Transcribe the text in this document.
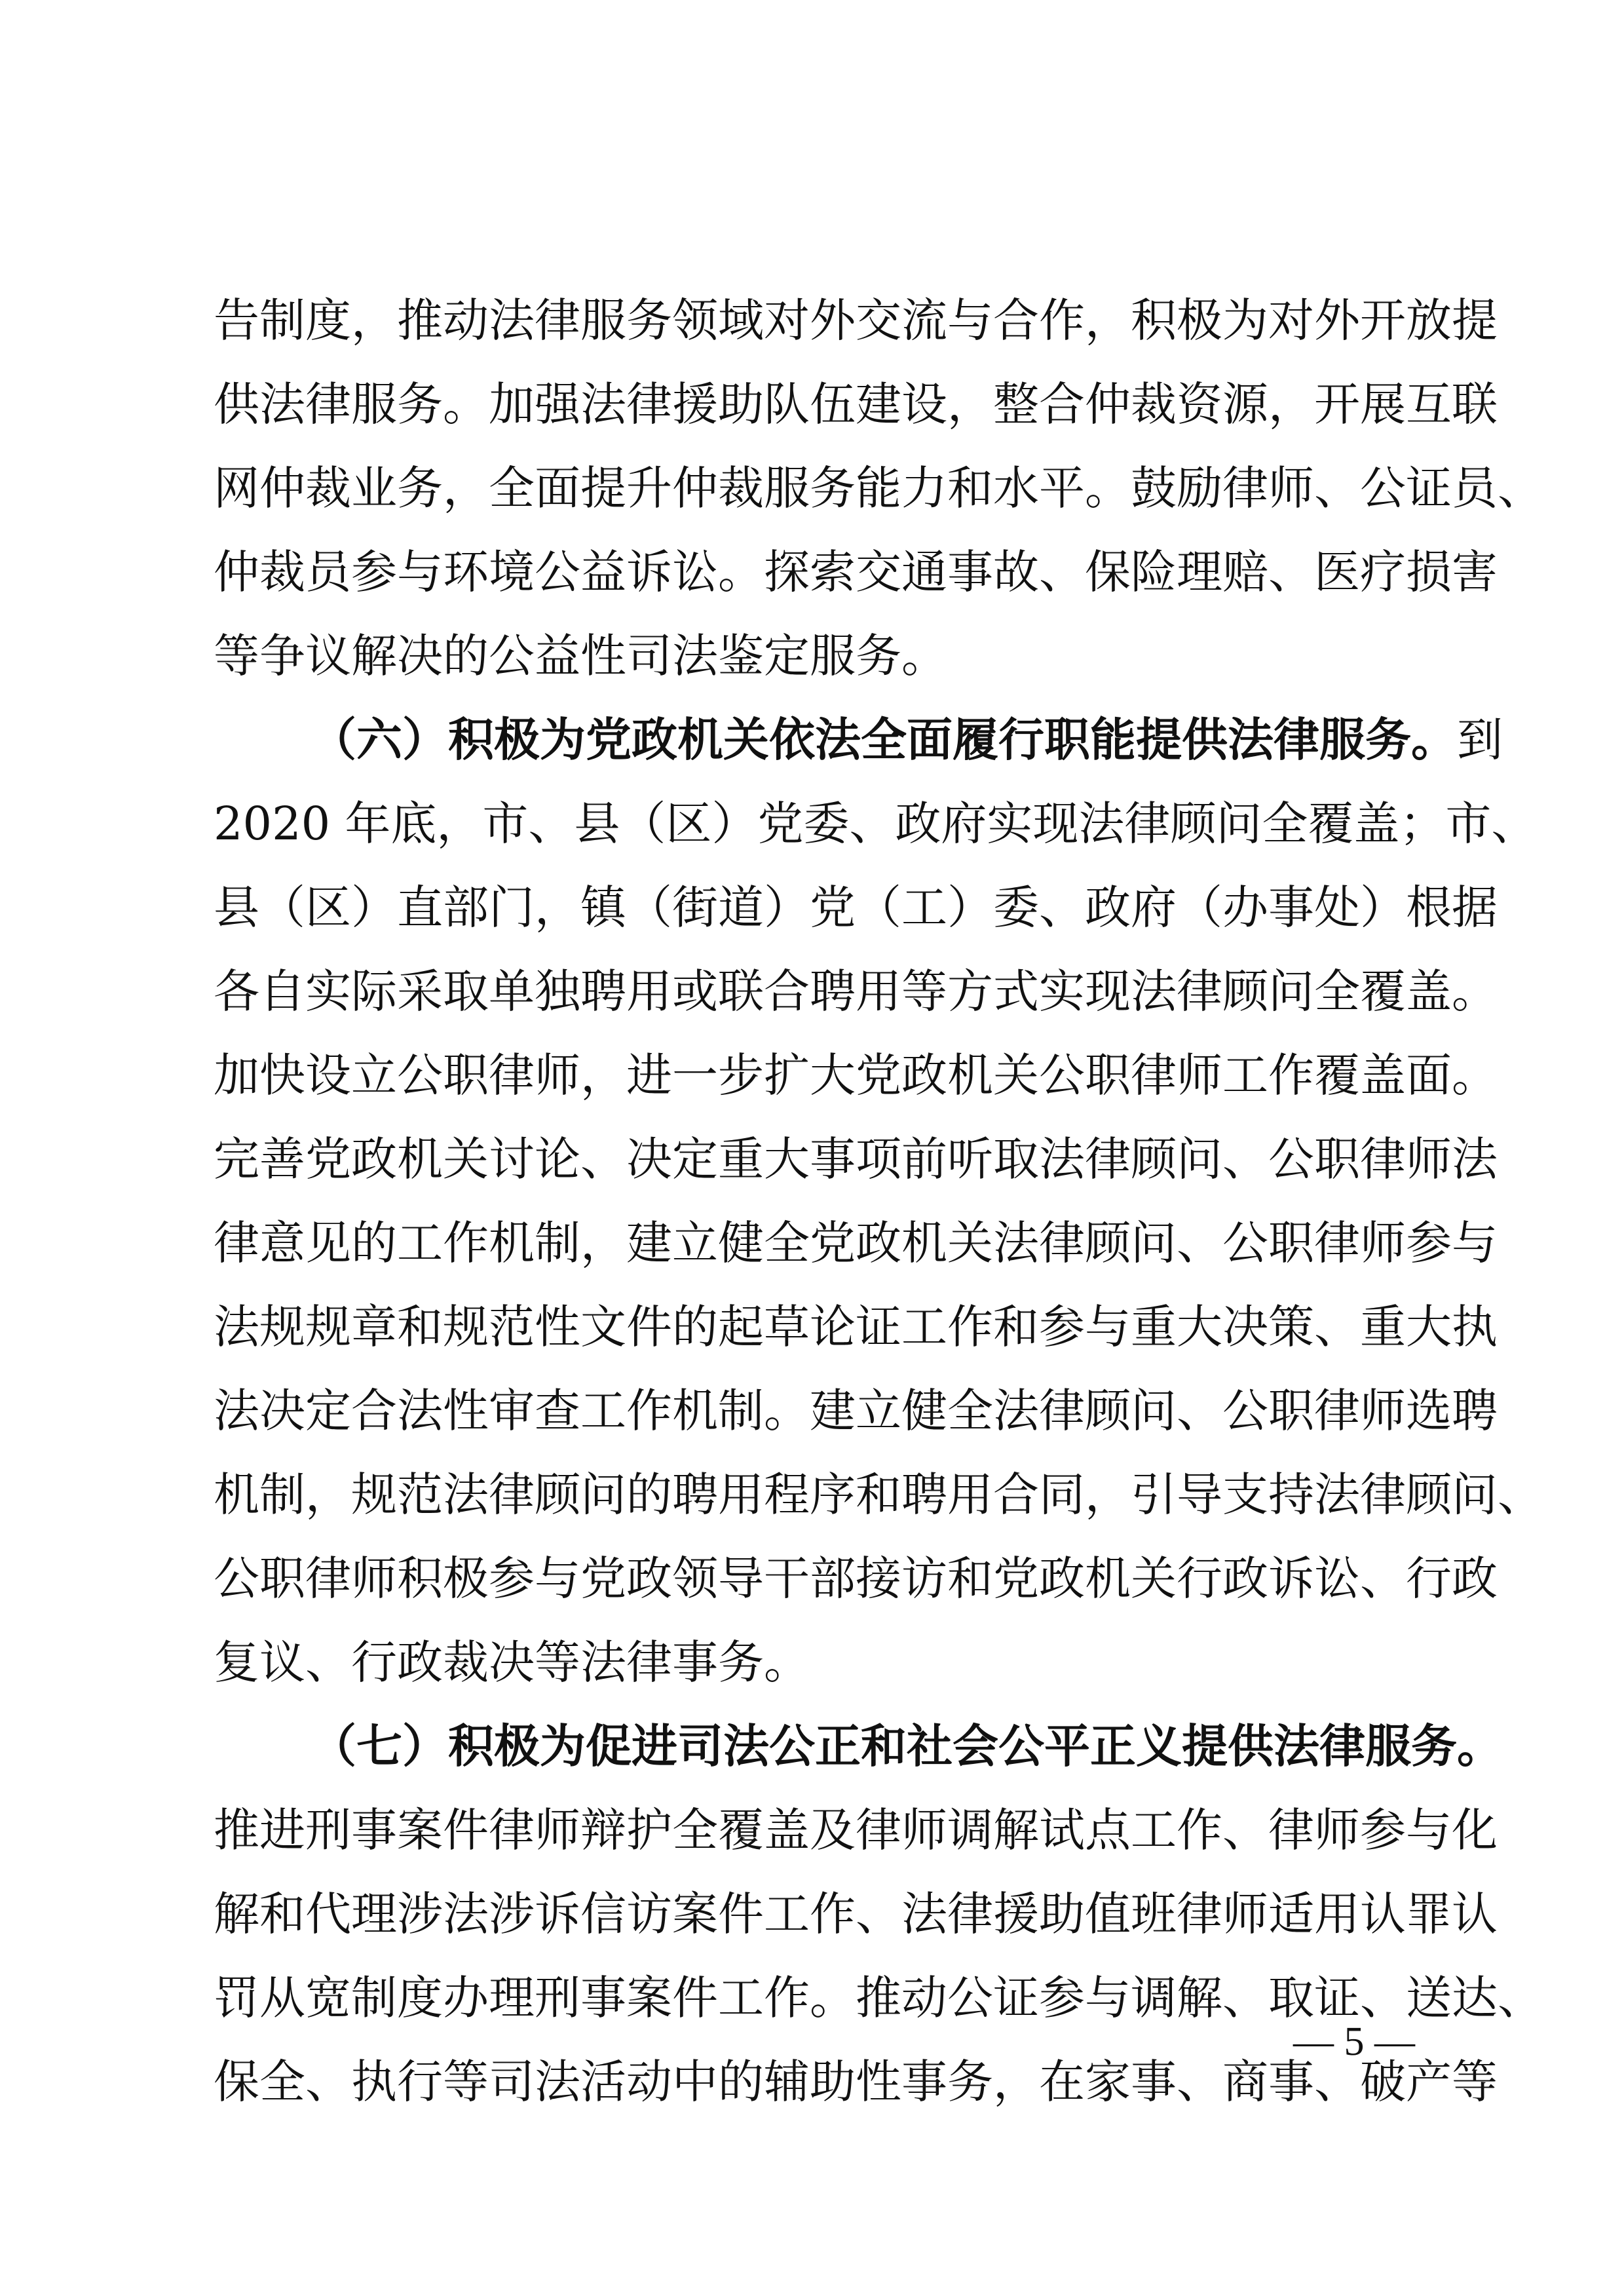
告制度，推动法律服务领域对外交流与合作，积极为对外开放提
供法律服务。加强法律援助队伍建设，整合仲裁资源，开展互联
网仲裁业务，全面提升仲裁服务能力和水平。鼓励律师、公证员、
仲裁员参与环境公益诉讼。探索交通事故、保险理赔、医疗损害
等争议解决的公益性司法鉴定服务。
（六）积极为党政机关依法全面履行职能提供法律服务。到
2020 年底，市、县（区）党委、政府实现法律顾问全覆盖；市、
县（区）直部门，镇（街道）党（工）委、政府（办事处）根据
各自实际采取单独聘用或联合聘用等方式实现法律顾问全覆盖。
加快设立公职律师，进一步扩大党政机关公职律师工作覆盖面。
完善党政机关讨论、决定重大事项前听取法律顾问、公职律师法
律意见的工作机制，建立健全党政机关法律顾问、公职律师参与
法规规章和规范性文件的起草论证工作和参与重大决策、重大执
法决定合法性审查工作机制。建立健全法律顾问、公职律师选聘
机制，规范法律顾问的聘用程序和聘用合同，引导支持法律顾问、
公职律师积极参与党政领导干部接访和党政机关行政诉讼、行政
复议、行政裁决等法律事务。
（七）积极为促进司法公正和社会公平正义提供法律服务。
推进刑事案件律师辩护全覆盖及律师调解试点工作、律师参与化
解和代理涉法涉诉信访案件工作、法律援助值班律师适用认罪认
罚从宽制度办理刑事案件工作。推动公证参与调解、取证、送达、
保全、执行等司法活动中的辅助性事务，在家事、商事、破产等
— 5 —
